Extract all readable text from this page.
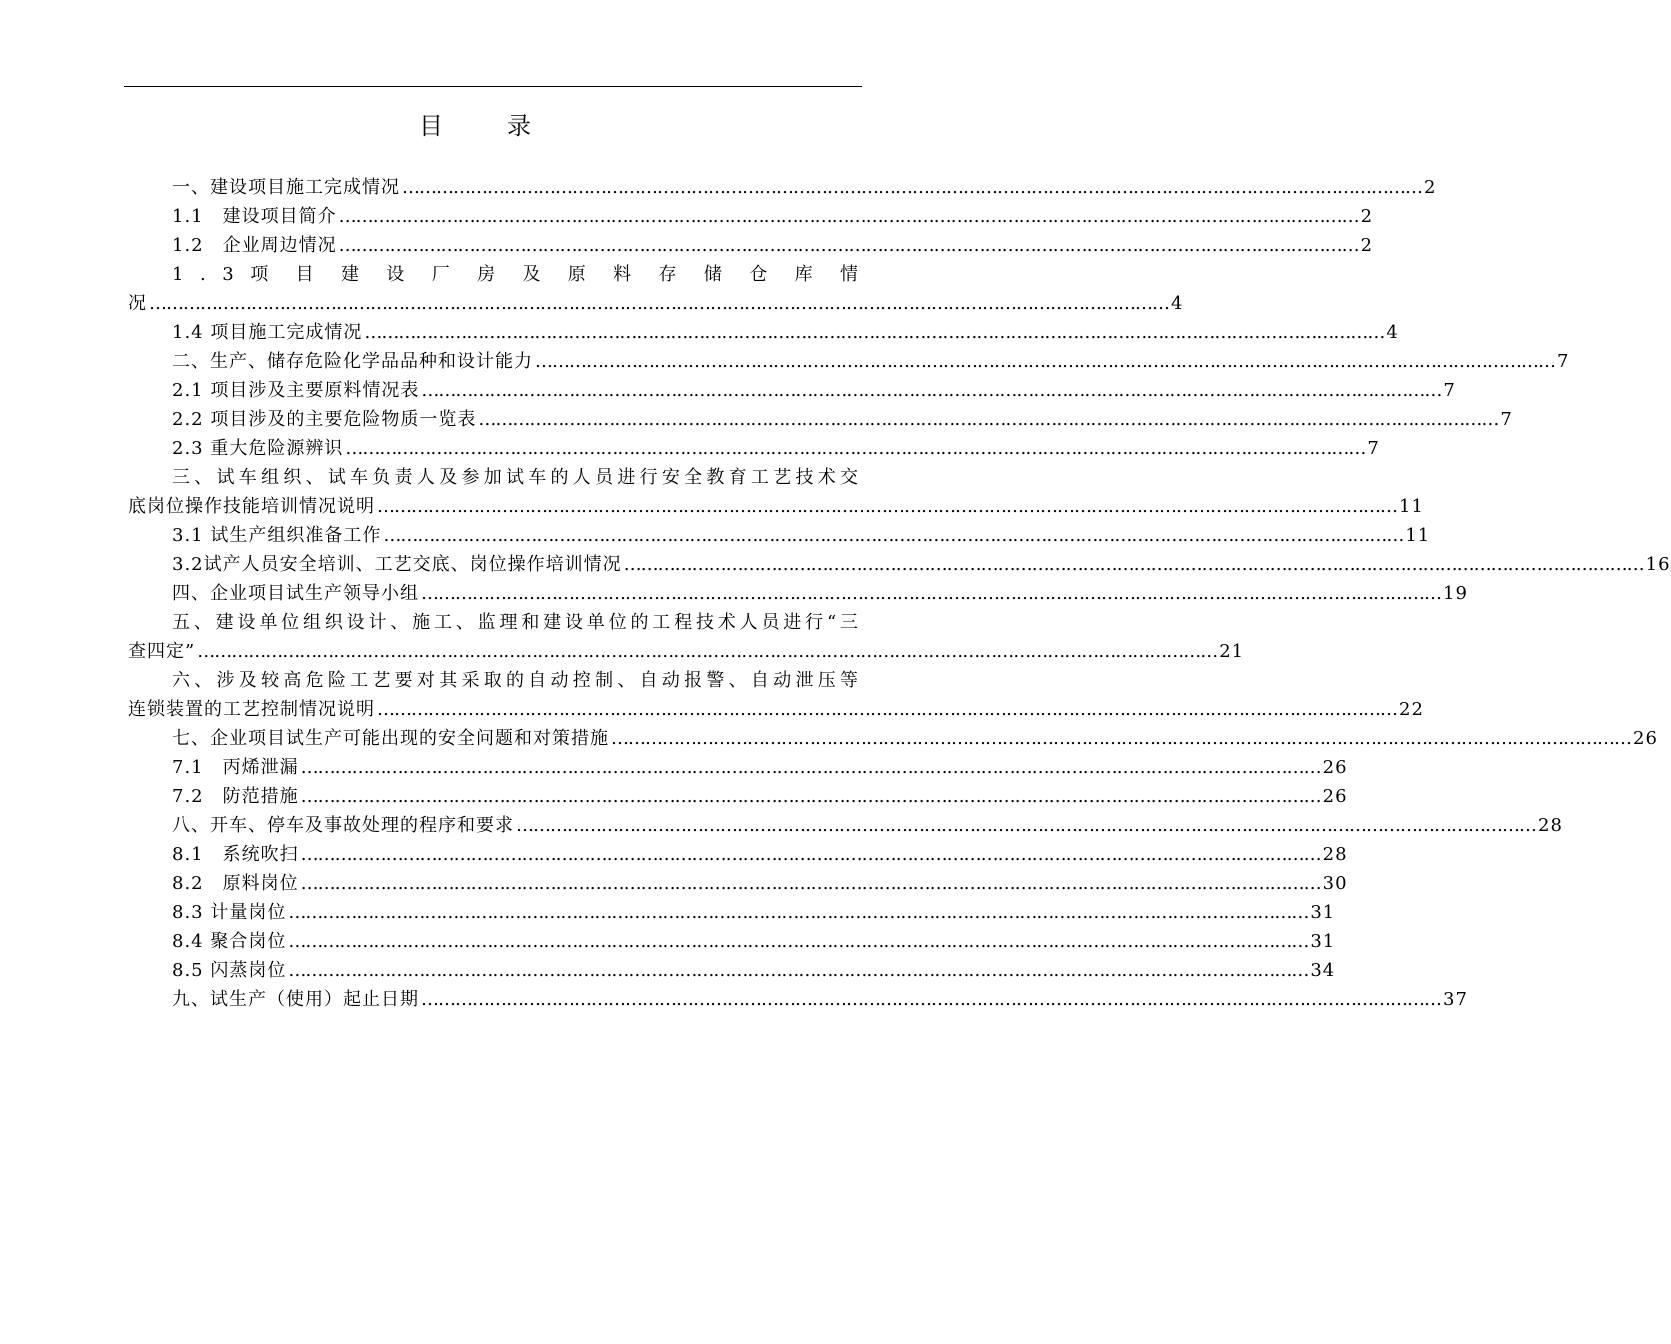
目　录
一、建设项目施工完成情况 ……………………………………………………………………………………………………………………………………………………………… 2
1.1　建设项目简介 ……………………………………………………………………………………………………………………………………………………………… 2
1.2　企业周边情况 ……………………………………………………………………………………………………………………………………………………………… 2
1 . 3 项 目 建 设 厂 房 及 原 料 存 储 仓 库 情
况 ……………………………………………………………………………………………………………………………………………………………… 4
1.4 项目施工完成情况 ……………………………………………………………………………………………………………………………………………………………… 4
二、生产、储存危险化学品品种和设计能力 ……………………………………………………………………………………………………………………………………………………………… 7
2.1 项目涉及主要原料情况表 ……………………………………………………………………………………………………………………………………………………………… 7
2.2 项目涉及的主要危险物质一览表 ……………………………………………………………………………………………………………………………………………………………… 7
2.3 重大危险源辨识 ……………………………………………………………………………………………………………………………………………………………… 7
三、试车组织、试车负责人及参加试车的人员进行安全教育工艺技术交
底岗位操作技能培训情况说明 ……………………………………………………………………………………………………………………………………………………………… 11
3.1 试生产组织准备工作 ……………………………………………………………………………………………………………………………………………………………… 11
3.2试产人员安全培训、工艺交底、岗位操作培训情况 ……………………………………………………………………………………………………………………………………………………………… 16
四、企业项目试生产领导小组 ……………………………………………………………………………………………………………………………………………………………… 19
五、建设单位组织设计、施工、监理和建设单位的工程技术人员进行“三
查四定” ……………………………………………………………………………………………………………………………………………………………… 21
六、涉及较高危险工艺要对其采取的自动控制、自动报警、自动泄压等
连锁装置的工艺控制情况说明 ……………………………………………………………………………………………………………………………………………………………… 22
七、企业项目试生产可能出现的安全问题和对策措施 ……………………………………………………………………………………………………………………………………………………………… 26
7.1　丙烯泄漏 ……………………………………………………………………………………………………………………………………………………………… 26
7.2　防范措施 ……………………………………………………………………………………………………………………………………………………………… 26
八、开车、停车及事故处理的程序和要求 ……………………………………………………………………………………………………………………………………………………………… 28
8.1　系统吹扫 ……………………………………………………………………………………………………………………………………………………………… 28
8.2　原料岗位 ……………………………………………………………………………………………………………………………………………………………… 30
8.3 计量岗位 ……………………………………………………………………………………………………………………………………………………………… 31
8.4 聚合岗位 ……………………………………………………………………………………………………………………………………………………………… 31
8.5 闪蒸岗位 ……………………………………………………………………………………………………………………………………………………………… 34
九、试生产（使用）起止日期 ……………………………………………………………………………………………………………………………………………………………… 37
